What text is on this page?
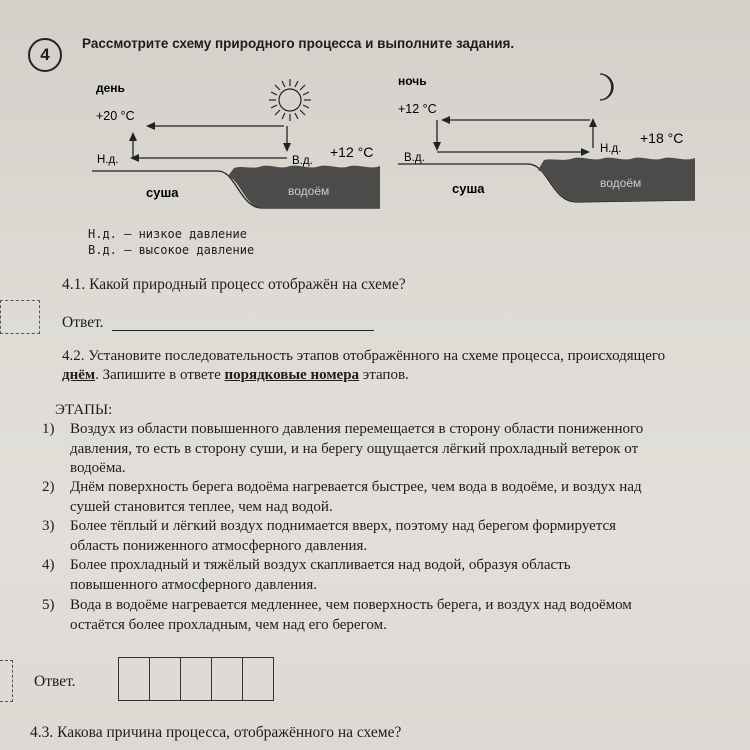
4
Рассмотрите схему природного процесса и выполните задания.
день
+20 °C
Н.д.	В.д.
+12 °C
суша	водоём
ночь
+12 °C
В.д.
Н.д.
+18 °C
суша	водоём
Н.д. – низкое давление
В.д. – высокое давление
4.1. Какой природный процесс отображён на схеме?
Ответ.
4.2. Установите последовательность этапов отображённого на схеме процесса, происходящего
днём. Запишите в ответе порядковые номера этапов.
ЭТАПЫ:
1)	Воздух из области повышенного давления перемещается в сторону области пониженного
давления, то есть в сторону суши, и на берегу ощущается лёгкий прохладный ветерок от
водоёма.
2)	Днём поверхность берега водоёма нагревается быстрее, чем вода в водоёме, и воздух над
сушей становится теплее, чем над водой.
3)	Более тёплый и лёгкий воздух поднимается вверх, поэтому над берегом формируется
область пониженного атмосферного давления.
4)	Более прохладный и тяжёлый воздух скапливается над водой, образуя область
повышенного атмосферного давления.
5)	Вода в водоёме нагревается медленнее, чем поверхность берега, и воздух над водоёмом
остаётся более прохладным, чем над его берегом.
Ответ.
4.3. Какова причина процесса, отображённого на схеме?
